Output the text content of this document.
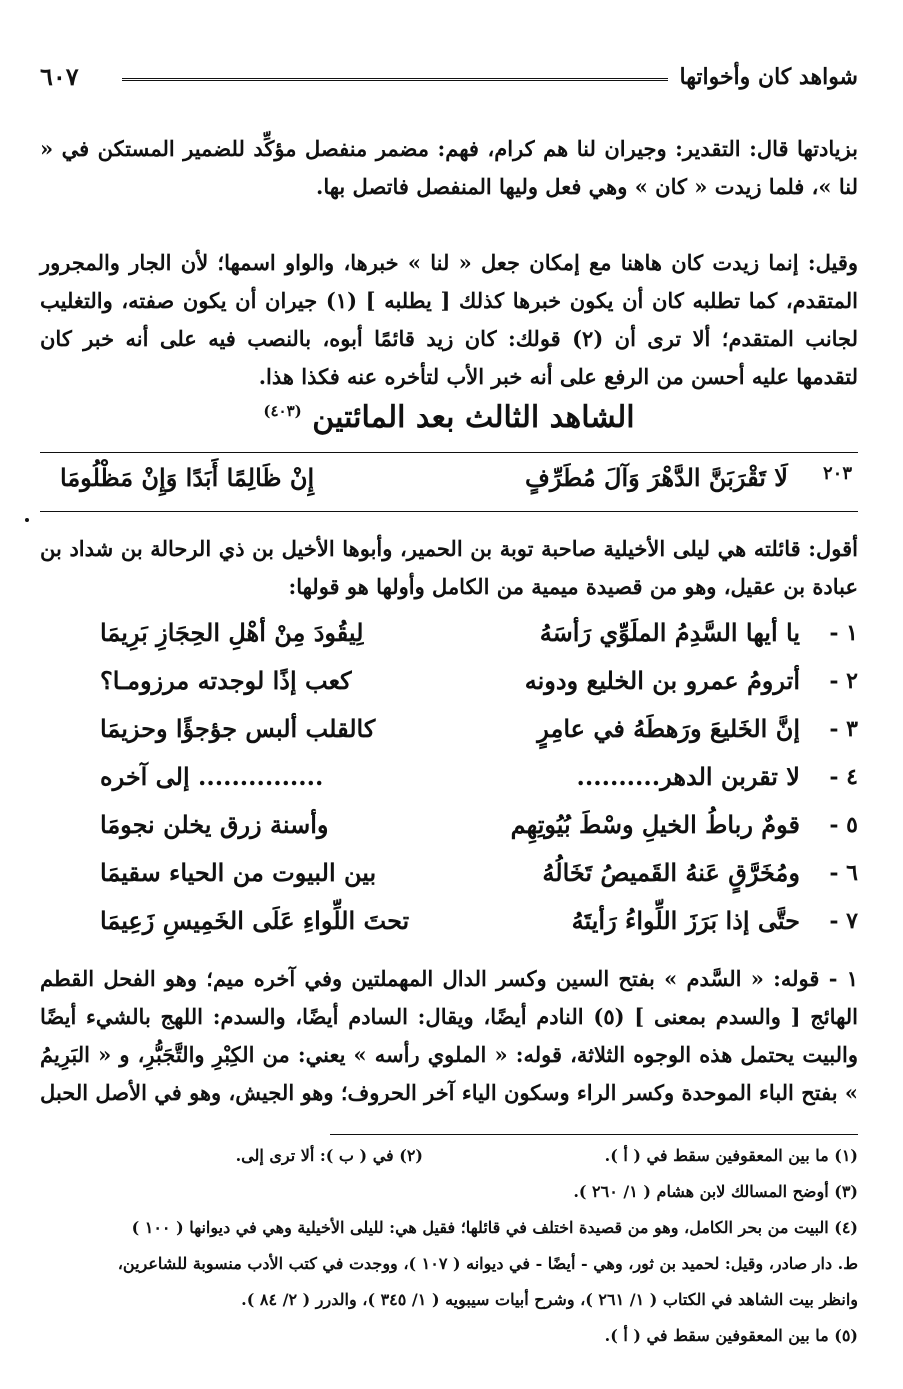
شواهد كان وأخواتها
٦٠٧
بزيادتها قال: التقدير: وجيران لنا هم كرام، فهم: مضمر منفصل مؤكِّد للضمير المستكن في « لنا »، فلما زيدت « كان » وهي فعل وليها المنفصل فاتصل بها.
وقيل: إنما زيدت كان هاهنا مع إمكان جعل « لنا » خبرها، والواو اسمها؛ لأن الجار والمجرور المتقدم، كما تطلبه كان أن يكون خبرها كذلك [ يطلبه ] (١) جيران أن يكون صفته، والتغليب لجانب المتقدم؛ ألا ترى أن (٢) قولك: كان زيد قائمًا أبوه، بالنصب فيه على أنه خبر كان لتقدمها عليه أحسن من الرفع على أنه خبر الأب لتأخره عنه فكذا هذا.
الشاهد الثالث بعد المائتين $^{(٤٠٣)}$
٢٠٣
لَا تَقْرَبَنَّ الدَّهْرَ وَآلَ مُطَرِّفٍ
إِنْ ظَالِمًا أَبَدًا وَإِنْ مَظْلُومَا
أقول: قائلته هي ليلى الأخيلية صاحبة توبة بن الحمير، وأبوها الأخيل بن ذي الرحالة بن شداد بن عبادة بن عقيل، وهو من قصيدة ميمية من الكامل وأولها هو قولها:
١ -
يا أيها السَّدِمُ الملَوِّي رَأسَهُ
لِيقُودَ مِنْ أهْلِ الحِجَازِ بَرِيمَا
٢ -
أترومُ عمرو بن الخليع ودونه
كعب إذًا لوجدته مرزومـا؟
٣ -
إنَّ الخَليعَ ورَهطَهُ في عامِرٍ
كالقلب ألبس جؤجؤًا وحزيمَا
٤ -
لا تقربن الدهر..........
............... إلى آخره
٥ -
قومٌ رباطُ الخيلِ وسْطَ بُيُوتِهِم
وأسنة زرق يخلن نجومَا
٦ -
ومُخَرَّقٍ عَنهُ القَميصُ تَخَالُهُ
بين البيوت من الحياء سقيمَا
٧ -
حتَّى إذا بَرَزَ اللِّواءُ رَأيتَهُ
تحتَ اللِّواءِ عَلَى الخَمِيسِ زَعِيمَا
١ - قوله: « السَّدم » بفتح السين وكسر الدال المهملتين وفي آخره ميم؛ وهو الفحل القطم الهائج [ والسدم بمعنى ] (٥) النادم أيضًا، ويقال: السادم أيضًا، والسدم: اللهج بالشيء أيضًا والبيت يحتمل هذه الوجوه الثلاثة، قوله: « الملوي رأسه » يعني: من الكِبْرِ والتَّجَبُّرِ، و « البَرِيمُ » بفتح الباء الموحدة وكسر الراء وسكون الياء آخر الحروف؛ وهو الجيش، وهو في الأصل الحبل
(١) ما بين المعقوفين سقط في ( أ ).
(٢) في ( ب ): ألا ترى إلى.
(٣) أوضح المسالك لابن هشام ( ١/ ٢٦٠ ).
(٤) البيت من بحر الكامل، وهو من قصيدة اختلف في قائلها؛ فقيل هي: لليلى الأخيلية وهي في ديوانها ( ١٠٠ )
ط. دار صادر، وقيل: لحميد بن ثور، وهي - أيضًا - في ديوانه ( ١٠٧ )، ووجدت في كتب الأدب منسوبة للشاعرين،
وانظر بيت الشاهد في الكتاب ( ١/ ٢٦١ )، وشرح أبيات سيبويه ( ١/ ٣٤٥ )، والدرر ( ٢/ ٨٤ ).
(٥) ما بين المعقوفين سقط في ( أ ).
